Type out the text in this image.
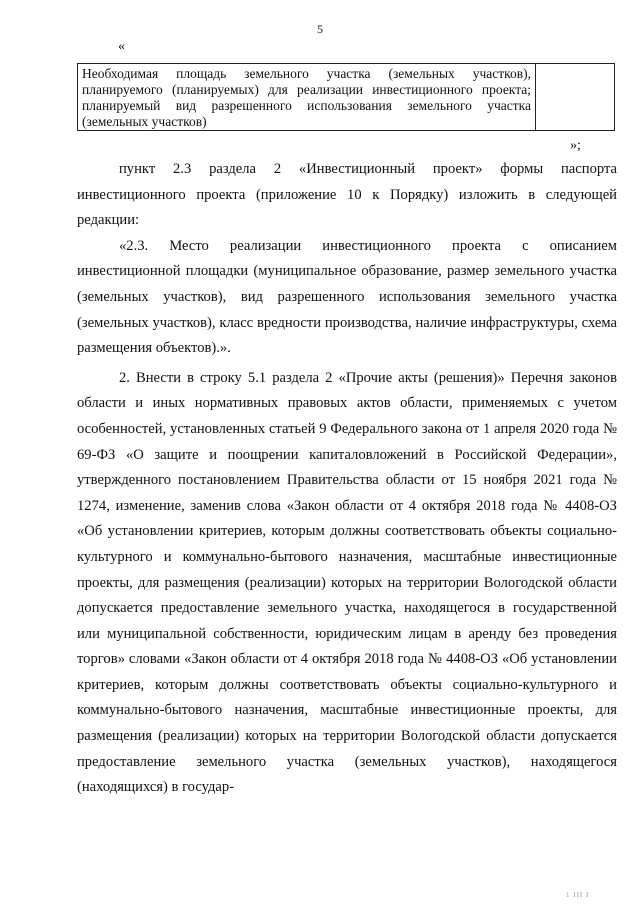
5
«
Необходимая площадь земельного участка (земельных участков), планируемого (планируемых) для реализации инвестиционного проекта; планируемый вид разрешенного использования земельного участка (земельных участков)
»;

пункт 2.3 раздела 2 «Инвестиционный проект» формы паспорта инвестиционного проекта (приложение 10 к Порядку) изложить в следующей редакции:

«2.3. Место реализации инвестиционного проекта с описанием инвестиционной площадки (муниципальное образование, размер земельного участка (земельных участков), вид разрешенного использования земельного участка (земельных участков), класс вредности производства, наличие инфраструктуры, схема размещения объектов).».

2. Внести в строку 5.1 раздела 2 «Прочие акты (решения)» Перечня законов области и иных нормативных правовых актов области, применяемых с учетом особенностей, установленных статьей 9 Федерального закона от 1 апреля 2020 года № 69-ФЗ «О защите и поощрении капиталовложений в Российской Федерации», утвержденного постановлением Правительства области от 15 ноября 2021 года № 1274, изменение, заменив слова «Закон области от 4 октября 2018 года № 4408-ОЗ «Об установлении критериев, которым должны соответствовать объекты социально-культурного и коммунально-бытового назначения, масштабные инвестиционные проекты, для размещения (реализации) которых на территории Вологодской области допускается предоставление земельного участка, находящегося в государственной или муниципальной собственности, юридическим лицам в аренду без проведения торгов» словами «Закон области от 4 октября 2018 года № 4408-ОЗ «Об установлении критериев, которым должны соответствовать объекты социально-культурного и коммунально-бытового назначения, масштабные инвестиционные проекты, для размещения (реализации) которых на территории Вологодской области допускается предоставление земельного участка (земельных участков), находящегося (находящихся) в государ-

1 III I
